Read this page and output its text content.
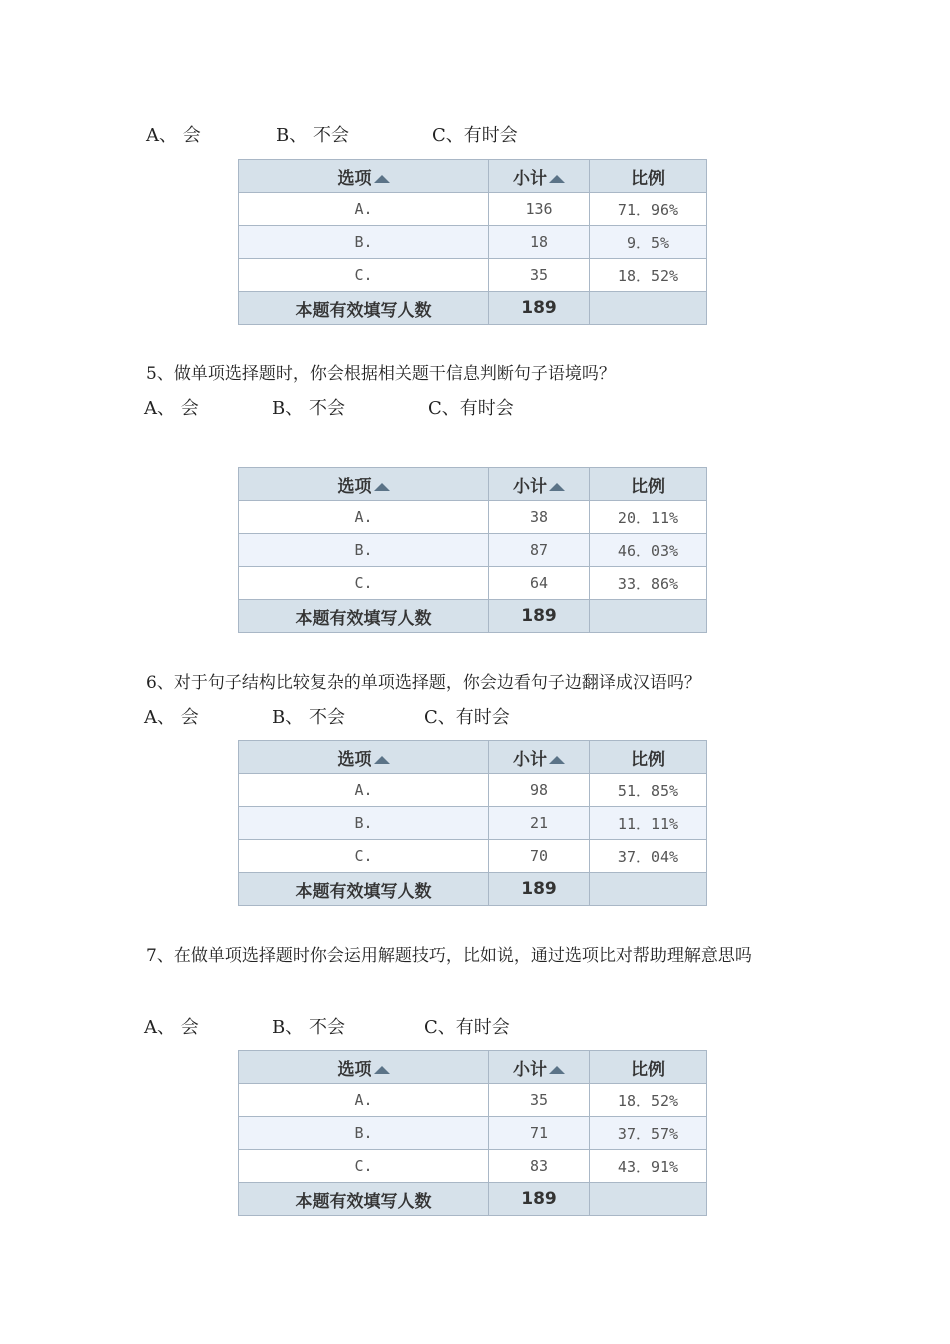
A、 会	B、 不会	C、有时会
选项	小计	比例
A.	136	71．96%
B.	18	9．5%
C.	35	18．52%
本题有效填写人数	189	
5、做单项选择题时，你会根据相关题干信息判断句子语境吗？
A、 会	B、 不会	C、有时会
选项	小计	比例
A.	38	20．11%
B.	87	46．03%
C.	64	33．86%
本题有效填写人数	189	
6、对于句子结构比较复杂的单项选择题，你会边看句子边翻译成汉语吗？
A、 会	B、 不会	C、有时会
选项	小计	比例
A.	98	51．85%
B.	21	11．11%
C.	70	37．04%
本题有效填写人数	189	
7、在做单项选择题时你会运用解题技巧，比如说，通过选项比对帮助理解意思吗
A、 会	B、 不会	C、有时会
选项	小计	比例
A.	35	18．52%
B.	71	37．57%
C.	83	43．91%
本题有效填写人数	189	
